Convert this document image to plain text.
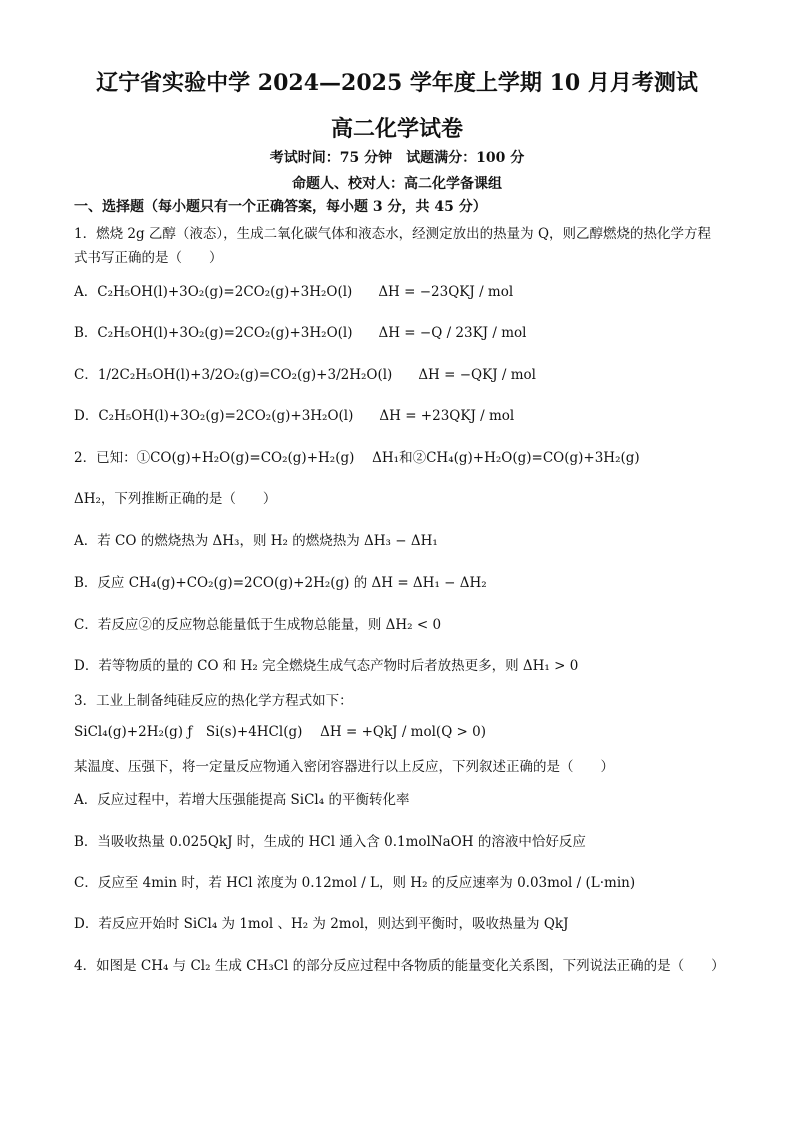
辽宁省实验中学 2024—2025 学年度上学期 10 月月考测试
高二化学试卷
考试时间：75 分钟　试题满分：100 分
命题人、校对人：高二化学备课组
一、选择题（每小题只有一个正确答案，每小题 3 分，共 45 分）
1．燃烧 2g 乙醇（液态），生成二氧化碳气体和液态水，经测定放出的热量为 Q，则乙醇燃烧的热化学方程
式书写正确的是（　　）
A．C₂H₅OH(l)+3O₂(g)=2CO₂(g)+3H₂O(l) ΔH = −23QKJ / mol
B．C₂H₅OH(l)+3O₂(g)=2CO₂(g)+3H₂O(l) ΔH = −Q / 23KJ / mol
C．1/2C₂H₅OH(l)+3/2O₂(g)=CO₂(g)+3/2H₂O(l) ΔH = −QKJ / mol
D．C₂H₅OH(l)+3O₂(g)=2CO₂(g)+3H₂O(l) ΔH = +23QKJ / mol
2．已知：①CO(g)+H₂O(g)=CO₂(g)+H₂(g)　 ΔH₁和②CH₄(g)+H₂O(g)=CO(g)+3H₂(g)
ΔH₂，下列推断正确的是（　　）
A．若 CO 的燃烧热为 ΔH₃，则 H₂ 的燃烧热为 ΔH₃ − ΔH₁
B．反应 CH₄(g)+CO₂(g)=2CO(g)+2H₂(g) 的 ΔH = ΔH₁ − ΔH₂
C．若反应②的反应物总能量低于生成物总能量，则 ΔH₂ < 0
D．若等物质的量的 CO 和 H₂ 完全燃烧生成气态产物时后者放热更多，则 ΔH₁ > 0
3．工业上制备纯硅反应的热化学方程式如下：
SiCl₄(g)+2H₂(g) ƒ　Si(s)+4HCl(g)　 ΔH = +QkJ / mol(Q > 0)
某温度、压强下，将一定量反应物通入密闭容器进行以上反应，下列叙述正确的是（　　）
A．反应过程中，若增大压强能提高 SiCl₄ 的平衡转化率
B．当吸收热量 0.025QkJ 时，生成的 HCl 通入含 0.1molNaOH 的溶液中恰好反应
C．反应至 4min 时，若 HCl 浓度为 0.12mol / L，则 H₂ 的反应速率为 0.03mol / (L·min)
D．若反应开始时 SiCl₄ 为 1mol 、H₂ 为 2mol，则达到平衡时，吸收热量为 QkJ
4．如图是 CH₄ 与 Cl₂ 生成 CH₃Cl 的部分反应过程中各物质的能量变化关系图，下列说法正确的是（　　）
